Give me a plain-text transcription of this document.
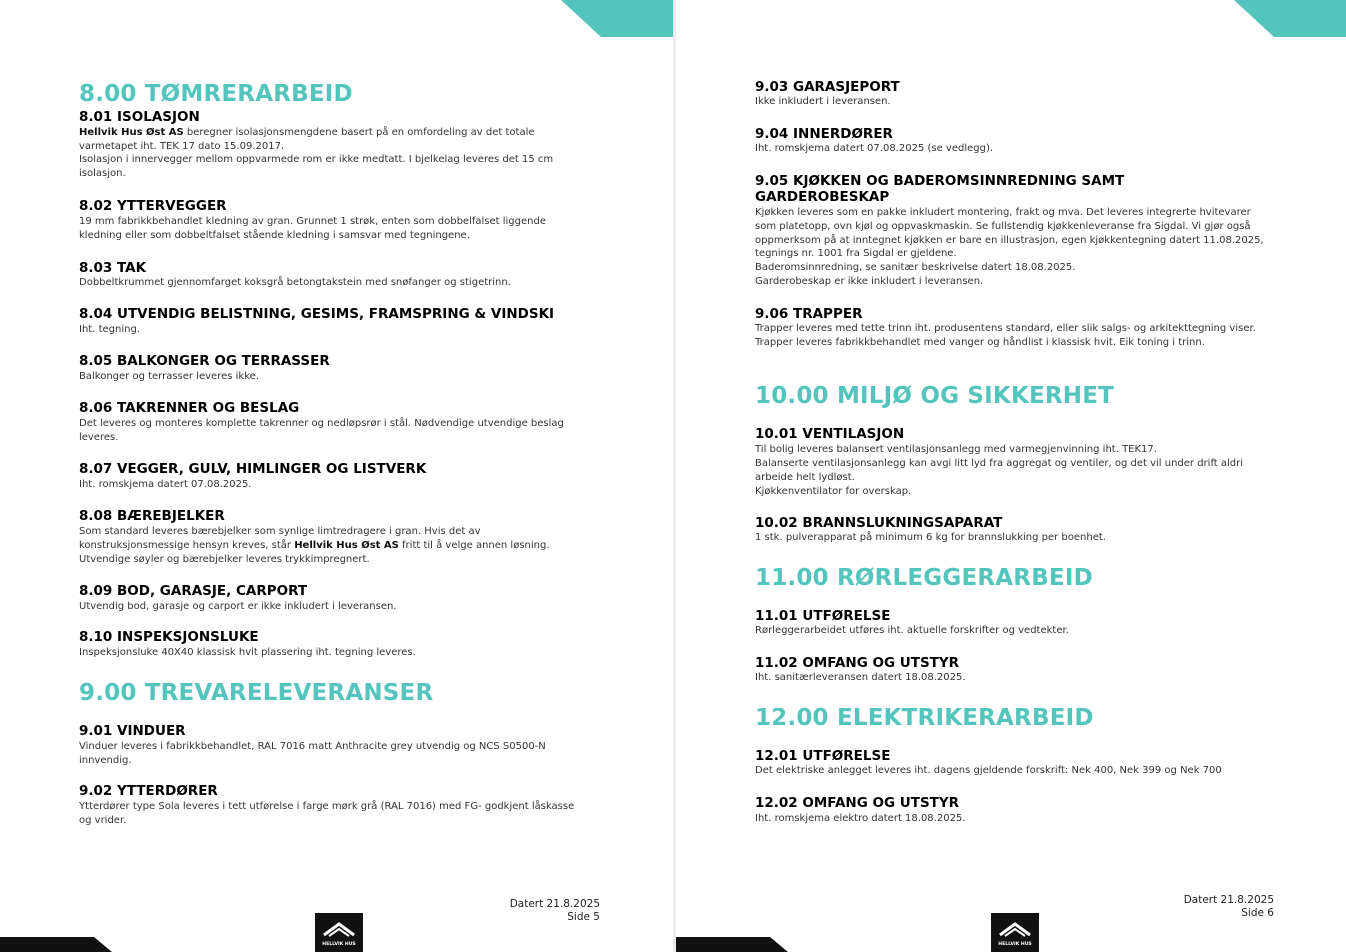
8.00 TØMRERARBEID
8.01 ISOLASJON
Hellvik Hus Øst AS beregner isolasjonsmengdene basert på en omfordeling av det totale varmetapet iht. TEK 17 dato 15.09.2017.
Isolasjon i innervegger mellom oppvarmede rom er ikke medtatt. I bjelkelag leveres det 15 cm isolasjon.
8.02 YTTERVEGGER
19 mm fabrikkbehandlet kledning av gran. Grunnet 1 strøk, enten som dobbelfalset liggende kledning eller som dobbeltfalset stående kledning i samsvar med tegningene.
8.03 TAK
Dobbeltkrummet gjennomfarget koksgrå betongtakstein med snøfanger og stigetrinn.
8.04 UTVENDIG BELISTNING, GESIMS, FRAMSPRING & VINDSKI
Iht. tegning.
8.05 BALKONGER OG TERRASSER
Balkonger og terrasser leveres ikke.
8.06 TAKRENNER OG BESLAG
Det leveres og monteres komplette takrenner og nedløpsrør i stål. Nødvendige utvendige beslag leveres.
8.07 VEGGER, GULV, HIMLINGER OG LISTVERK
Iht. romskjema datert 07.08.2025.
8.08 BÆREBJELKER
Som standard leveres bærebjelker som synlige limtredragere i gran. Hvis det av konstruksjonsmessige hensyn kreves, står Hellvik Hus Øst AS fritt til å velge annen løsning.
Utvendige søyler og bærebjelker leveres trykkimpregnert.
8.09 BOD, GARASJE, CARPORT
Utvendig bod, garasje og carport er ikke inkludert i leveransen.
8.10 INSPEKSJONSLUKE
Inspeksjonsluke 40X40 klassisk hvit plassering iht. tegning leveres.
9.00 TREVARELEVERANSER
9.01 VINDUER
Vinduer leveres i fabrikkbehandlet, RAL 7016 matt Anthracite grey utvendig og NCS S0500-N innvendig.
9.02 YTTERDØRER
Ytterdører type Sola leveres i tett utførelse i farge mørk grå (RAL 7016) med FG- godkjent låskasse og vrider.
Datert 21.8.2025
Side 5
HELLVIK HUS
9.03 GARASJEPORT
Ikke inkludert i leveransen.
9.04 INNERDØRER
Iht. romskjema datert 07.08.2025 (se vedlegg).
9.05 KJØKKEN OG BADEROMSINNREDNING SAMT GARDEROBESKAP
Kjøkken leveres som en pakke inkludert montering, frakt og mva. Det leveres integrerte hvitevarer som platetopp, ovn kjøl og oppvaskmaskin. Se fullstendig kjøkkenleveranse fra Sigdal. Vi gjør også oppmerksom på at inntegnet kjøkken er bare en illustrasjon, egen kjøkkentegning datert 11.08.2025, tegnings nr. 1001 fra Sigdal er gjeldene.
Baderomsinnredning, se sanitær beskrivelse datert 18.08.2025.
Garderobeskap er ikke inkludert i leveransen.
9.06 TRAPPER
Trapper leveres med tette trinn iht. produsentens standard, eller slik salgs- og arkitekttegning viser. Trapper leveres fabrikkbehandlet med vanger og håndlist i klassisk hvit. Eik toning i trinn.
10.00 MILJØ OG SIKKERHET
10.01 VENTILASJON
Til bolig leveres balansert ventilasjonsanlegg med varmegjenvinning iht. TEK17.
Balanserte ventilasjonsanlegg kan avgi litt lyd fra aggregat og ventiler, og det vil under drift aldri arbeide helt lydløst.
Kjøkkenventilator for overskap.
10.02 BRANNSLUKNINGSAPARAT
1 stk. pulverapparat på minimum 6 kg for brannslukking per boenhet.
11.00 RØRLEGGERARBEID
11.01 UTFØRELSE
Rørleggerarbeidet utføres iht. aktuelle forskrifter og vedtekter.
11.02 OMFANG OG UTSTYR
Iht. sanitærleveransen datert 18.08.2025.
12.00 ELEKTRIKERARBEID
12.01 UTFØRELSE
Det elektriske anlegget leveres iht. dagens gjeldende forskrift: Nek 400, Nek 399 og Nek 700
12.02 OMFANG OG UTSTYR
Iht. romskjema elektro datert 18.08.2025.
Datert 21.8.2025
Side 6
HELLVIK HUS
